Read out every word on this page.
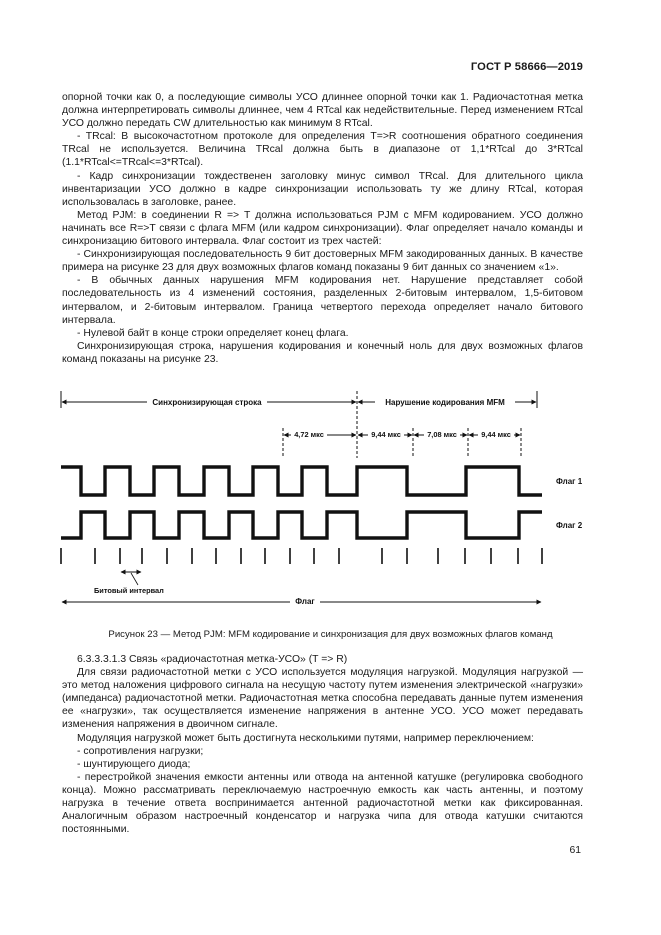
ГОСТ Р 58666—2019

опорной точки как 0, а последующие символы УСО длиннее опорной точки как 1. Радиочастотная метка должна интерпретировать символы длиннее, чем 4 RTcal как недействительные. Перед изменением RTcal УСО должно передать CW длительностью как минимум 8 RTcal.

- TRcal: В высокочастотном протоколе для определения T=>R соотношения обратного соединения TRcal не используется. Величина TRcal должна быть в диапазоне от 1,1*RTcal до 3*RTcal (1.1*RTcal<=TRcal<=3*RTcal).

- Кадр синхронизации тождественен заголовку минус символ TRcal. Для длительного цикла инвентаризации УСО должно в кадре синхронизации использовать ту же длину RTcal, которая использовалась в заголовке, ранее.

Метод PJM: в соединении R => T должна использоваться PJM с MFM кодированием. УСО должно начинать все R=>T связи с флага MFM (или кадром синхронизации). Флаг определяет начало команды и синхронизацию битового интервала. Флаг состоит из трех частей:

- Синхронизирующая последовательность 9 бит достоверных MFM закодированных данных. В качестве примера на рисунке 23 для двух возможных флагов команд показаны 9 бит данных со значением «1».

- В обычных данных нарушения MFM кодирования нет. Нарушение представляет собой последовательность из 4 изменений состояния, разделенных 2-битовым интервалом, 1,5-битовом интервалом, и 2-битовым интервалом. Граница четвертого перехода определяет начало битового интервала.

- Нулевой байт в конце строки определяет конец флага.

Синхронизирующая строка, нарушения кодирования и конечный ноль для двух возможных флагов команд показаны на рисунке 23.

Синхронизирующая строка	Нарушение кодирования MFM
4,72 мкс	9,44 мкс	7,08 мкс	9,44 мкс
Флаг 1
Флаг 2
Битовый интервал
Флаг
Рисунок 23 — Метод PJM: MFM кодирование и синхронизация для двух возможных флагов команд

6.3.3.3.1.3 Связь «радиочастотная метка-УСО» (T => R)

Для связи радиочастотной метки с УСО используется модуляция нагрузкой. Модуляция нагрузкой — это метод наложения цифрового сигнала на несущую частоту путем изменения электрической «нагрузки» (импеданса) радиочастотной метки. Радиочастотная метка способна передавать данные путем изменения ее «нагрузки», так осуществляется изменение напряжения в антенне УСО. УСО может передавать изменения напряжения в двоичном сигнале.

Модуляция нагрузкой может быть достигнута несколькими путями, например переключением:

- сопротивления нагрузки;

- шунтирующего диода;

- перестройкой значения емкости антенны или отвода на антенной катушке (регулировка свободного конца). Можно рассматривать переключаемую настроечную емкость как часть антенны, и поэтому нагрузка в течение ответа воспринимается антенной радиочастотной метки как фиксированная. Аналогичным образом настроечный конденсатор и нагрузка чипа для отвода катушки считаются постоянными.

61
